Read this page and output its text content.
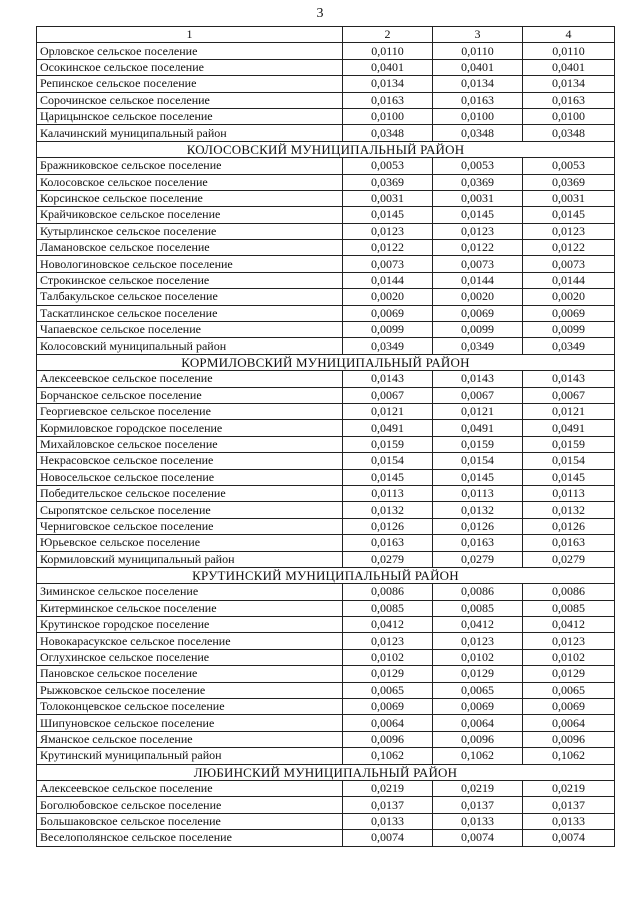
3
1	2	3	4
Орловское сельское поселение	0,0110	0,0110	0,0110
Осокинское сельское поселение	0,0401	0,0401	0,0401
Репинское сельское поселение	0,0134	0,0134	0,0134
Сорочинское сельское поселение	0,0163	0,0163	0,0163
Царицынское сельское поселение	0,0100	0,0100	0,0100
Калачинский муниципальный район	0,0348	0,0348	0,0348
КОЛОСОВСКИЙ МУНИЦИПАЛЬНЫЙ РАЙОН			
Бражниковское сельское поселение	0,0053	0,0053	0,0053
Колосовское сельское поселение	0,0369	0,0369	0,0369
Корсинское сельское поселение	0,0031	0,0031	0,0031
Крайчиковское сельское поселение	0,0145	0,0145	0,0145
Кутырлинское сельское поселение	0,0123	0,0123	0,0123
Ламановское сельское поселение	0,0122	0,0122	0,0122
Новологиновское сельское поселение	0,0073	0,0073	0,0073
Строкинское сельское поселение	0,0144	0,0144	0,0144
Талбакульское сельское поселение	0,0020	0,0020	0,0020
Таскатлинское сельское поселение	0,0069	0,0069	0,0069
Чапаевское сельское поселение	0,0099	0,0099	0,0099
Колосовский муниципальный район	0,0349	0,0349	0,0349
КОРМИЛОВСКИЙ МУНИЦИПАЛЬНЫЙ РАЙОН			
Алексеевское сельское поселение	0,0143	0,0143	0,0143
Борчанское сельское поселение	0,0067	0,0067	0,0067
Георгиевское сельское поселение	0,0121	0,0121	0,0121
Кормиловское городское поселение	0,0491	0,0491	0,0491
Михайловское сельское поселение	0,0159	0,0159	0,0159
Некрасовское сельское поселение	0,0154	0,0154	0,0154
Новосельское сельское поселение	0,0145	0,0145	0,0145
Победительское сельское поселение	0,0113	0,0113	0,0113
Сыропятское сельское поселение	0,0132	0,0132	0,0132
Черниговское сельское поселение	0,0126	0,0126	0,0126
Юрьевское сельское поселение	0,0163	0,0163	0,0163
Кормиловский муниципальный район	0,0279	0,0279	0,0279
КРУТИНСКИЙ МУНИЦИПАЛЬНЫЙ РАЙОН			
Зиминское сельское поселение	0,0086	0,0086	0,0086
Китерминское сельское поселение	0,0085	0,0085	0,0085
Крутинское городское поселение	0,0412	0,0412	0,0412
Новокарасукское сельское поселение	0,0123	0,0123	0,0123
Оглухинское сельское поселение	0,0102	0,0102	0,0102
Пановское сельское поселение	0,0129	0,0129	0,0129
Рыжковское сельское поселение	0,0065	0,0065	0,0065
Толоконцевское сельское поселение	0,0069	0,0069	0,0069
Шипуновское сельское поселение	0,0064	0,0064	0,0064
Яманское сельское поселение	0,0096	0,0096	0,0096
Крутинский муниципальный район	0,1062	0,1062	0,1062
ЛЮБИНСКИЙ МУНИЦИПАЛЬНЫЙ РАЙОН			
Алексеевское сельское поселение	0,0219	0,0219	0,0219
Боголюбовское сельское поселение	0,0137	0,0137	0,0137
Большаковское сельское поселение	0,0133	0,0133	0,0133
Веселополянское сельское поселение	0,0074	0,0074	0,0074
